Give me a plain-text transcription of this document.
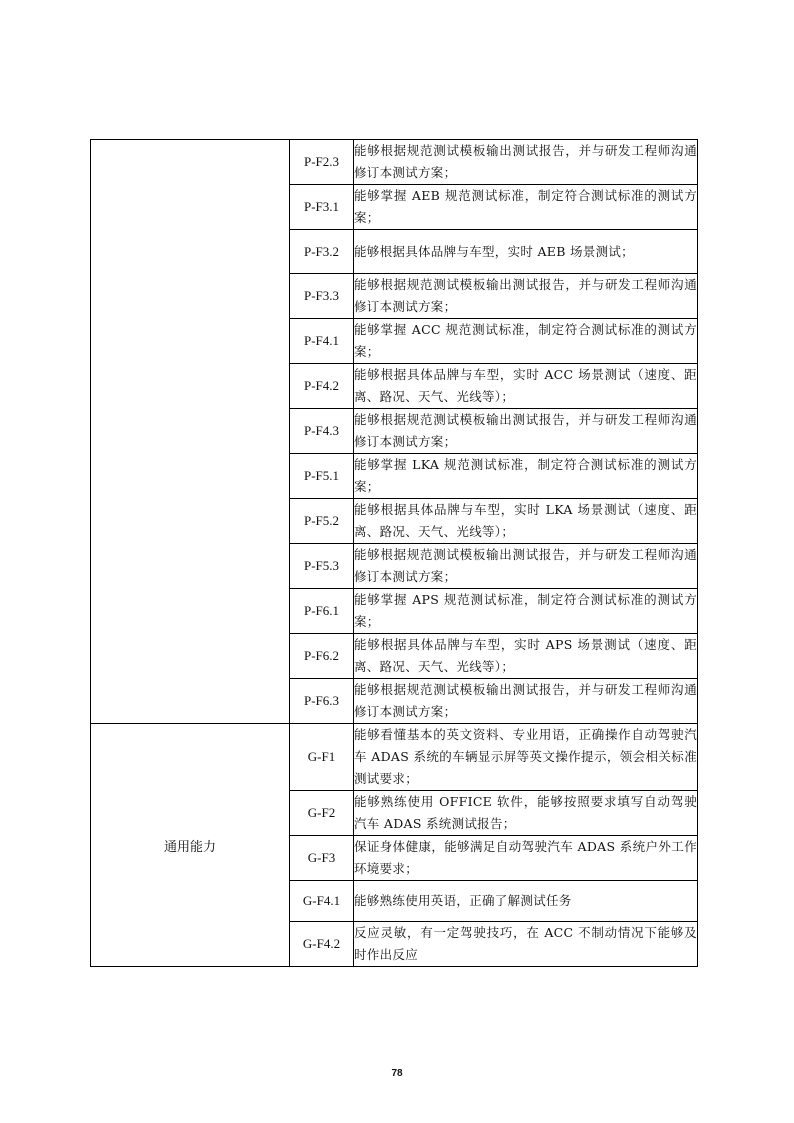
	P-F2.3	能够根据规范测试模板输出测试报告，并与研发工程师沟通修订本测试方案；
	P-F3.1	能够掌握 AEB 规范测试标准，制定符合测试标准的测试方案；
	P-F3.2	能够根据具体品牌与车型，实时 AEB 场景测试；
	P-F3.3	能够根据规范测试模板输出测试报告，并与研发工程师沟通修订本测试方案；
	P-F4.1	能够掌握 ACC 规范测试标准，制定符合测试标准的测试方案；
	P-F4.2	能够根据具体品牌与车型，实时 ACC 场景测试（速度、距离、路况、天气、光线等）；
	P-F4.3	能够根据规范测试模板输出测试报告，并与研发工程师沟通修订本测试方案；
	P-F5.1	能够掌握 LKA 规范测试标准，制定符合测试标准的测试方案；
	P-F5.2	能够根据具体品牌与车型，实时 LKA 场景测试（速度、距离、路况、天气、光线等）；
	P-F5.3	能够根据规范测试模板输出测试报告，并与研发工程师沟通修订本测试方案；
	P-F6.1	能够掌握 APS 规范测试标准，制定符合测试标准的测试方案；
	P-F6.2	能够根据具体品牌与车型，实时 APS 场景测试（速度、距离、路况、天气、光线等）；
	P-F6.3	能够根据规范测试模板输出测试报告，并与研发工程师沟通修订本测试方案；
通用能力	G-F1	能够看懂基本的英文资料、专业用语，正确操作自动驾驶汽车 ADAS 系统的车辆显示屏等英文操作提示，领会相关标准测试要求；
	G-F2	能够熟练使用 OFFICE 软件，能够按照要求填写自动驾驶汽车 ADAS 系统测试报告；
	G-F3	保证身体健康，能够满足自动驾驶汽车 ADAS 系统户外工作环境要求；
	G-F4.1	能够熟练使用英语，正确了解测试任务
	G-F4.2	反应灵敏，有一定驾驶技巧，在 ACC 不制动情况下能够及时作出反应
78
